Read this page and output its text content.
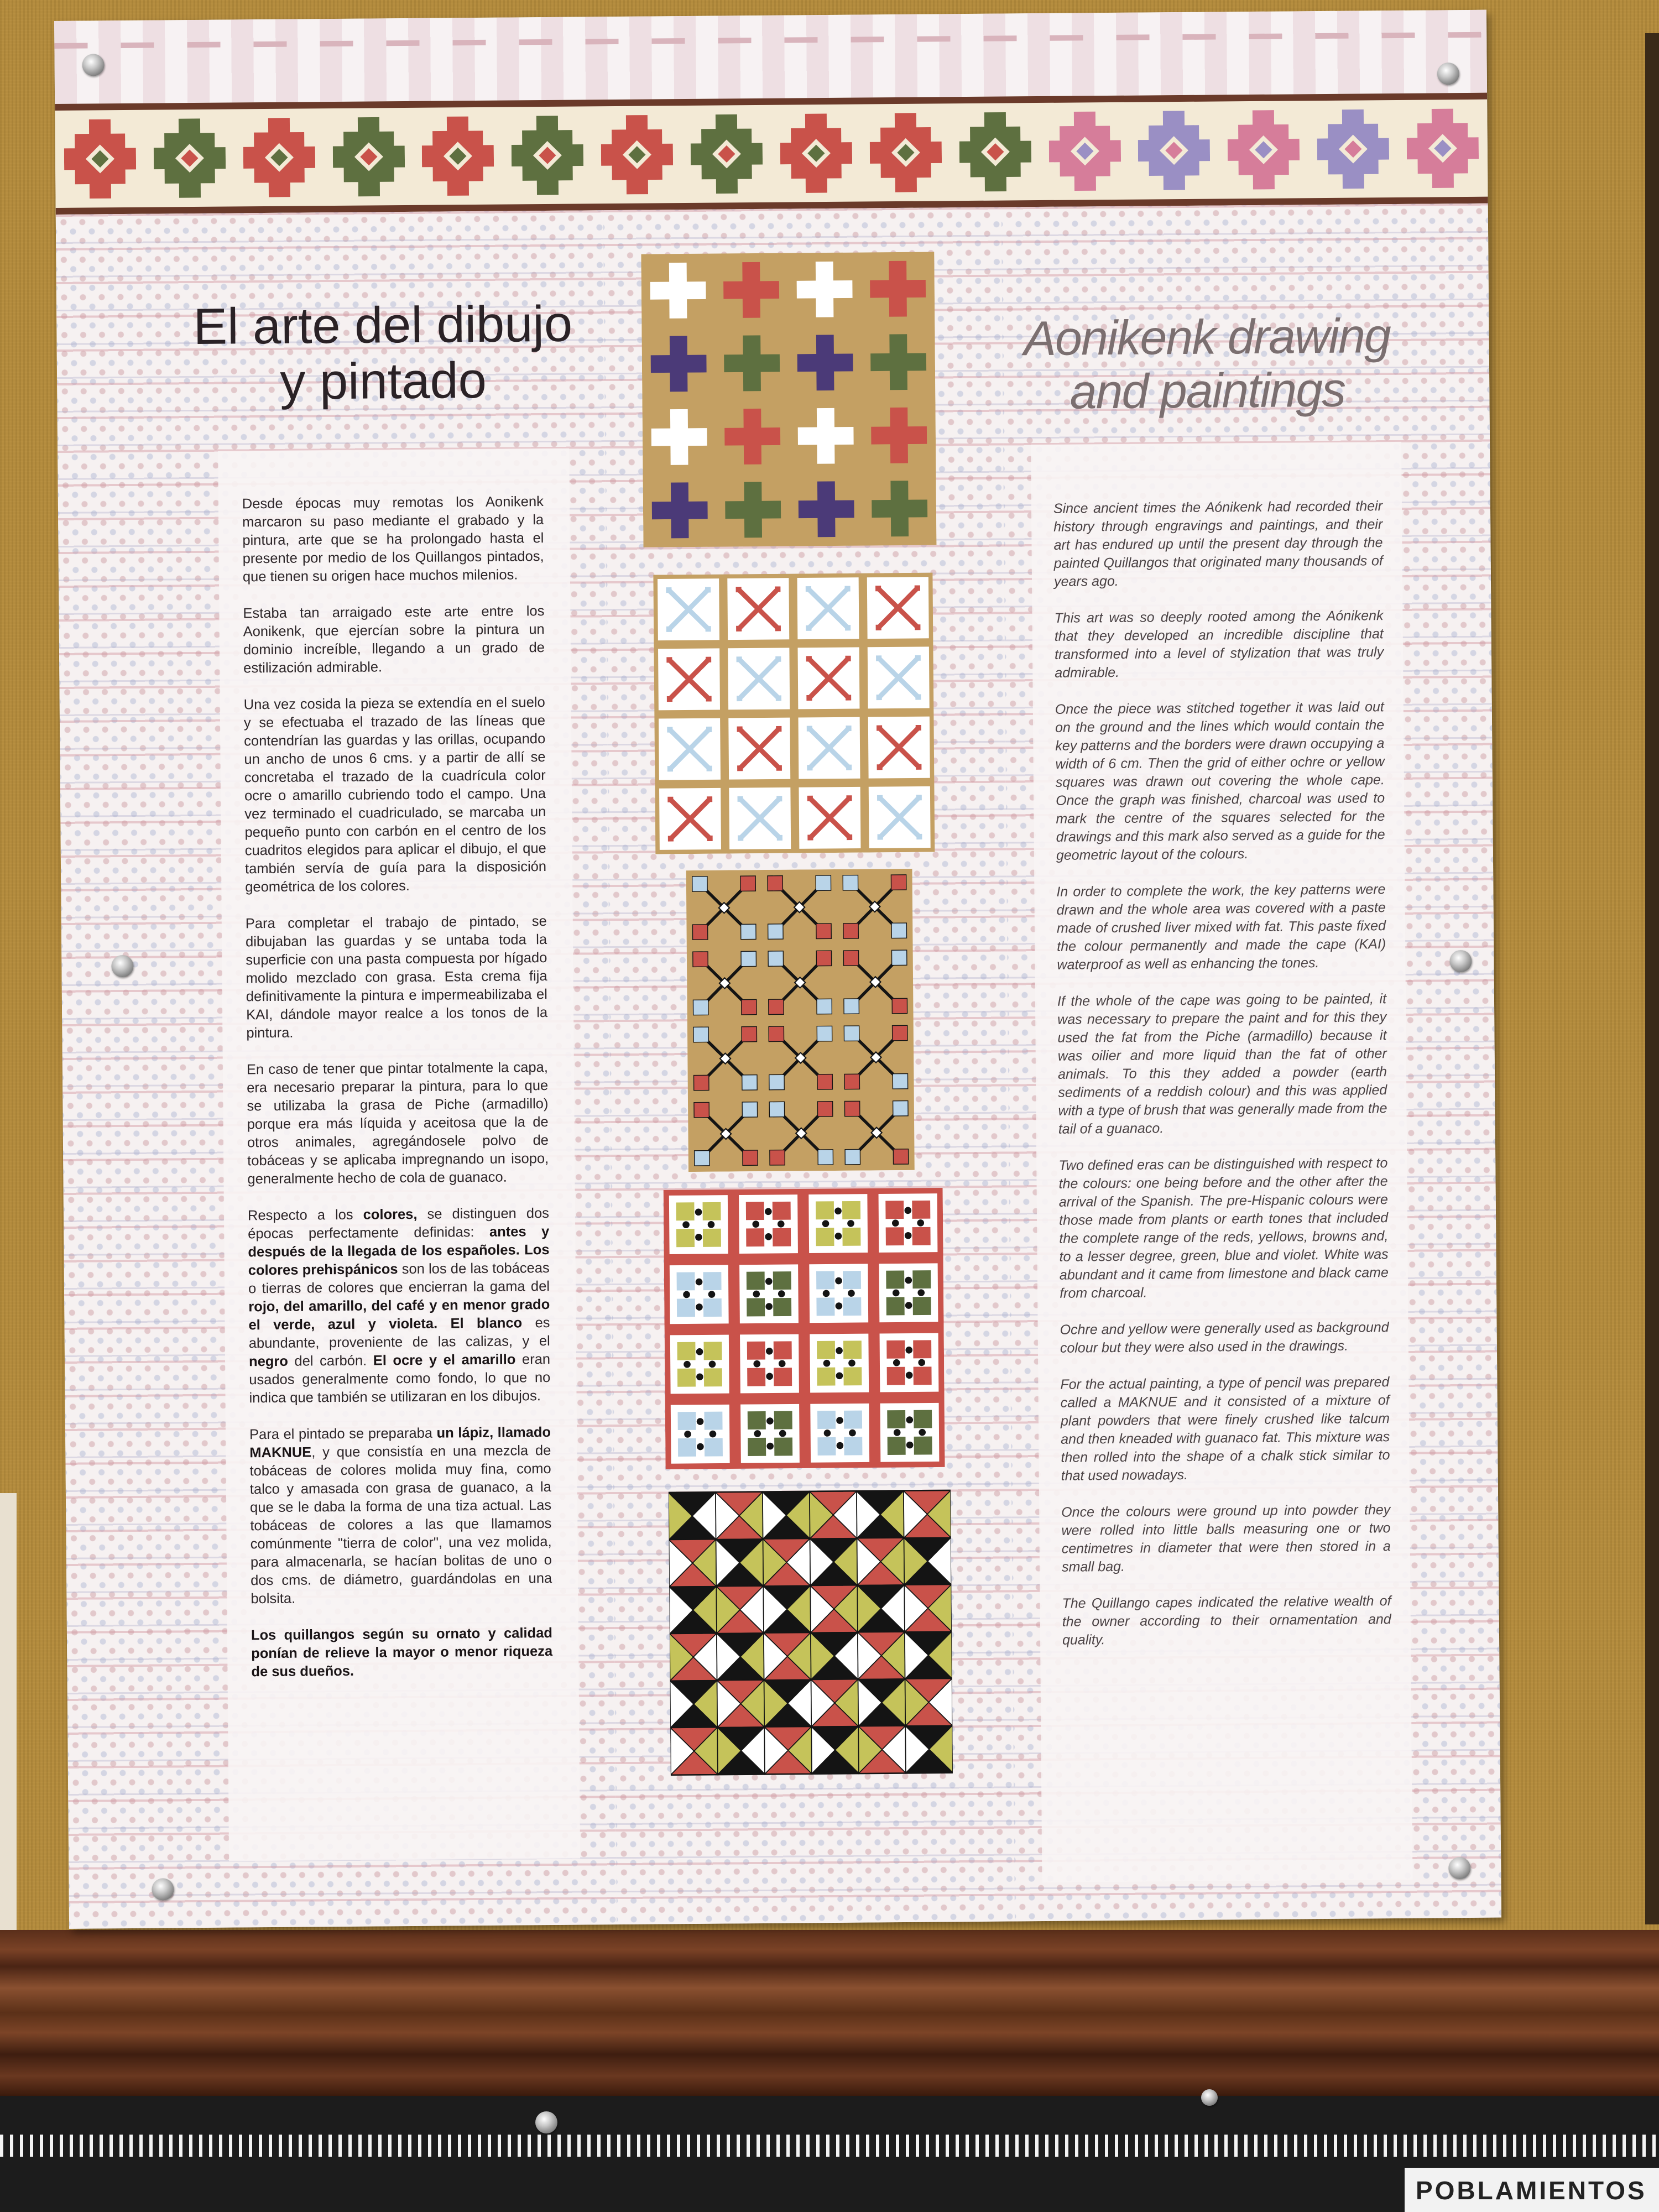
POBLAMIENTOS
El arte del dibujo
y pintado
Aonikenk drawing
and paintings

Desde épocas muy remotas los Aonikenk marcaron su paso mediante el grabado y la pintura, arte que se ha prolongado hasta el presente por medio de los Quillangos pintados, que tienen su origen hace muchos milenios.

Estaba tan arraigado este arte entre los Aonikenk, que ejercían sobre la pintura un dominio increíble, llegando a un grado de estilización admirable.

Una vez cosida la pieza se extendía en el suelo y se efectuaba el trazado de las líneas que contendrían las guardas y las orillas, ocupando un ancho de unos 6 cms. y a partir de allí se concretaba el trazado de la cuadrícula color ocre o amarillo cubriendo todo el campo. Una vez terminado el cuadriculado, se marcaba un pequeño punto con carbón en el centro de los cuadritos elegidos para aplicar el dibujo, el que también servía de guía para la disposición geométrica de los colores.

Para completar el trabajo de pintado, se dibujaban las guardas y se untaba toda la superficie con una pasta compuesta por hígado molido mezclado con grasa. Esta crema fija definitivamente la pintura e impermeabilizaba el KAI, dándole mayor realce a los tonos de la pintura.

En caso de tener que pintar totalmente la capa, era necesario preparar la pintura, para lo que se utilizaba la grasa de Piche (armadillo) porque era más líquida y aceitosa que la de otros animales, agregándosele polvo de tobáceas y se aplicaba impregnando un isopo, generalmente hecho de cola de guanaco.

Respecto a los colores, se distinguen dos épocas perfectamente definidas: antes y después de la llegada de los españoles. Los colores prehispánicos son los de las tobáceas o tierras de colores que encierran la gama del rojo, del amarillo, del café y en menor grado el verde, azul y violeta. El blanco es abundante, proveniente de las calizas, y el negro del carbón. El ocre y el amarillo eran usados generalmente como fondo, lo que no indica que también se utilizaran en los dibujos.

Para el pintado se preparaba un lápiz, llamado MAKNUE, y que consistía en una mezcla de tobáceas de colores molida muy fina, como talco y amasada con grasa de guanaco, a la que se le daba la forma de una tiza actual. Las tobáceas de colores a las que llamamos comúnmente "tierra de color", una vez molida, para almacenarla, se hacían bolitas de uno o dos cms. de diámetro, guardándolas en una bolsita.

Los quillangos según su ornato y calidad ponían de relieve la mayor o menor riqueza de sus dueños.

Since ancient times the Aónikenk had recorded their history through engravings and paintings, and their art has endured up until the present day through the painted Quillangos that originated many thousands of years ago.

This art was so deeply rooted among the Aónikenk that they developed an incredible discipline that transformed into a level of stylization that was truly admirable.

Once the piece was stitched together it was laid out on the ground and the lines which would contain the key patterns and the borders were drawn occupying a width of 6 cm. Then the grid of either ochre or yellow squares was drawn out covering the whole cape. Once the graph was finished, charcoal was used to mark the centre of the squares selected for the drawings and this mark also served as a guide for the geometric layout of the colours.

In order to complete the work, the key patterns were drawn and the whole area was covered with a paste made of crushed liver mixed with fat. This paste fixed the colour permanently and made the cape (KAI) waterproof as well as enhancing the tones.

If the whole of the cape was going to be painted, it was necessary to prepare the paint and for this they used the fat from the Piche (armadillo) because it was oilier and more liquid than the fat of other animals. To this they added a powder (earth sediments of a reddish colour) and this was applied with a type of brush that was generally made from the tail of a guanaco.

Two defined eras can be distinguished with respect to the colours: one being before and the other after the arrival of the Spanish. The pre-Hispanic colours were those made from plants or earth tones that included the complete range of the reds, yellows, browns and, to a lesser degree, green, blue and violet. White was abundant and it came from limestone and black came from charcoal.

Ochre and yellow were generally used as background colour but they were also used in the drawings.

For the actual painting, a type of pencil was prepared called a MAKNUE and it consisted of a mixture of plant powders that were finely crushed like talcum and then kneaded with guanaco fat. This mixture was then rolled into the shape of a chalk stick similar to that used nowadays.

Once the colours were ground up into powder they were rolled into little balls measuring one or two centimetres in diameter that were then stored in a small bag.

The Quillango capes indicated the relative wealth of the owner according to their ornamentation and quality.
